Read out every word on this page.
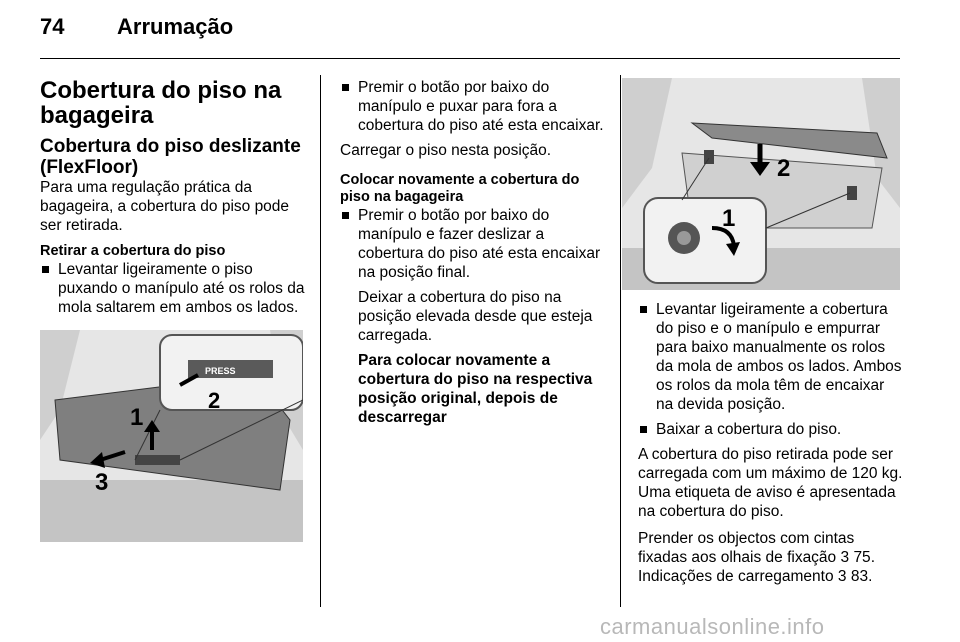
74 Arrumação
Cobertura do piso na bagageira
Cobertura do piso deslizante (FlexFloor)

Para uma regulação prática da bagageira, a cobertura do piso pode ser retirada.

Retirar a cobertura do piso
Levantar ligeiramente o piso puxando o manípulo até os rolos da mola saltarem em ambos os lados.
PRESS
1
2
3
Premir o botão por baixo do manípulo e puxar para fora a cobertura do piso até esta encaixar.

Carregar o piso nesta posição.

Colocar novamente a cobertura do piso na bagageira
Premir o botão por baixo do manípulo e fazer deslizar a cobertura do piso até esta encaixar na posição final.

Deixar a cobertura do piso na posição elevada desde que esteja carregada.

Para colocar novamente a cobertura do piso na respectiva posição original, depois de descarregar

2
1
Levantar ligeiramente a cobertura do piso e o manípulo e empurrar para baixo manualmente os rolos da mola de ambos os lados. Ambos os rolos da mola têm de encaixar na devida posição.
Baixar a cobertura do piso.

A cobertura do piso retirada pode ser carregada com um máximo de 120 kg. Uma etiqueta de aviso é apresentada na cobertura do piso.

Prender os objectos com cintas fixadas aos olhais de fixação 3 75.
Indicações de carregamento 3 83.

carmanualsonline.info
